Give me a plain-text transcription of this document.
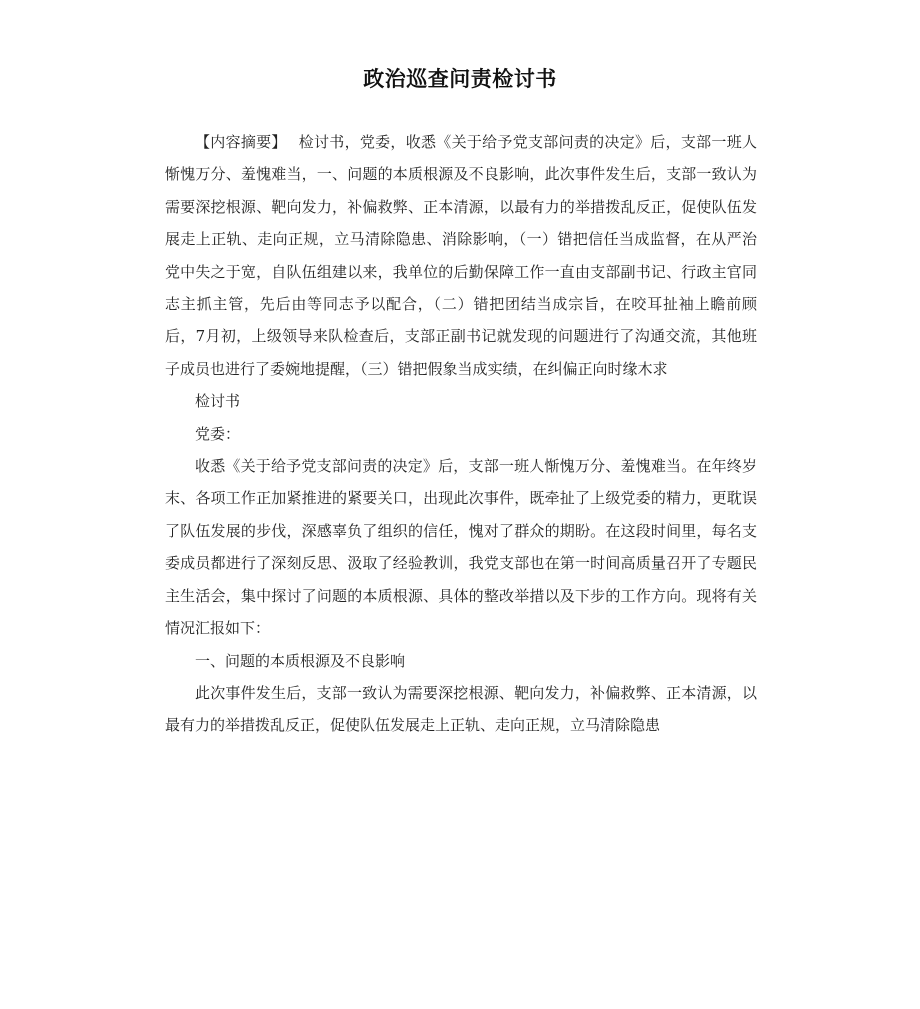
政治巡查问责检讨书

【内容摘要】 检讨书，党委，收悉《关于给予党支部问责的决定》后，支部一班人惭愧万分、羞愧难当，一、问题的本质根源及不良影响，此次事件发生后，支部一致认为需要深挖根源、靶向发力，补偏救弊、正本清源，以最有力的举措拨乱反正，促使队伍发展走上正轨、走向正规，立马清除隐患、消除影响，（一）错把信任当成监督，在从严治党中失之于宽，自队伍组建以来，我单位的后勤保障工作一直由支部副书记、行政主官同志主抓主管，先后由等同志予以配合，（二）错把团结当成宗旨，在咬耳扯袖上瞻前顾后，7月初，上级领导来队检查后，支部正副书记就发现的问题进行了沟通交流，其他班子成员也进行了委婉地提醒，（三）错把假象当成实绩，在纠偏正向时缘木求

检讨书

党委：

收悉《关于给予党支部问责的决定》后，支部一班人惭愧万分、羞愧难当。在年终岁末、各项工作正加紧推进的紧要关口，出现此次事件，既牵扯了上级党委的精力，更耽误了队伍发展的步伐，深感辜负了组织的信任，愧对了群众的期盼。在这段时间里，每名支委成员都进行了深刻反思、汲取了经验教训，我党支部也在第一时间高质量召开了专题民主生活会，集中探讨了问题的本质根源、具体的整改举措以及下步的工作方向。现将有关情况汇报如下：

一、问题的本质根源及不良影响

此次事件发生后，支部一致认为需要深挖根源、靶向发力，补偏救弊、正本清源，以最有力的举措拨乱反正，促使队伍发展走上正轨、走向正规，立马清除隐患
